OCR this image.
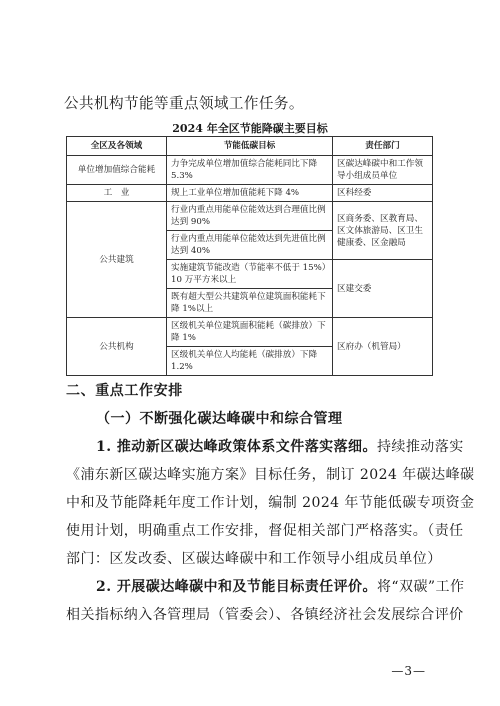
公共机构节能等重点领域工作任务。
2024 年全区节能降碳主要目标
全区及各领域	节能低碳目标	责任部门
单位增加值综合能耗	力争完成单位增加值综合能耗同比下降 5.3%	区碳达峰碳中和工作领导小组成员单位
工　业	规上工业单位增加值能耗下降 4%	区科经委
公共建筑	行业内重点用能单位能效达到合理值比例达到 90%	区商务委、区教育局、区文体旅游局、区卫生健康委、区金融局
	行业内重点用能单位能效达到先进值比例达到 40%	
	实施建筑节能改造（节能率不低于 15%）10 万平方米以上	区建交委
	既有超大型公共建筑单位建筑面积能耗下降 1%以上	
公共机构	区级机关单位建筑面积能耗（碳排放）下降 1%	区府办（机管局）
	区级机关单位人均能耗（碳排放）下降 1.2%	
二、重点工作安排
（一）不断强化碳达峰碳中和综合管理
1. 推动新区碳达峰政策体系文件落实落细。持续推动落实
《浦东新区碳达峰实施方案》目标任务，制订 2024 年碳达峰碳
中和及节能降耗年度工作计划，编制 2024 年节能低碳专项资金
使用计划，明确重点工作安排，督促相关部门严格落实。（责任
部门：区发改委、区碳达峰碳中和工作领导小组成员单位）
2. 开展碳达峰碳中和及节能目标责任评价。将“双碳”工作
相关指标纳入各管理局（管委会）、各镇经济社会发展综合评价
—3—
